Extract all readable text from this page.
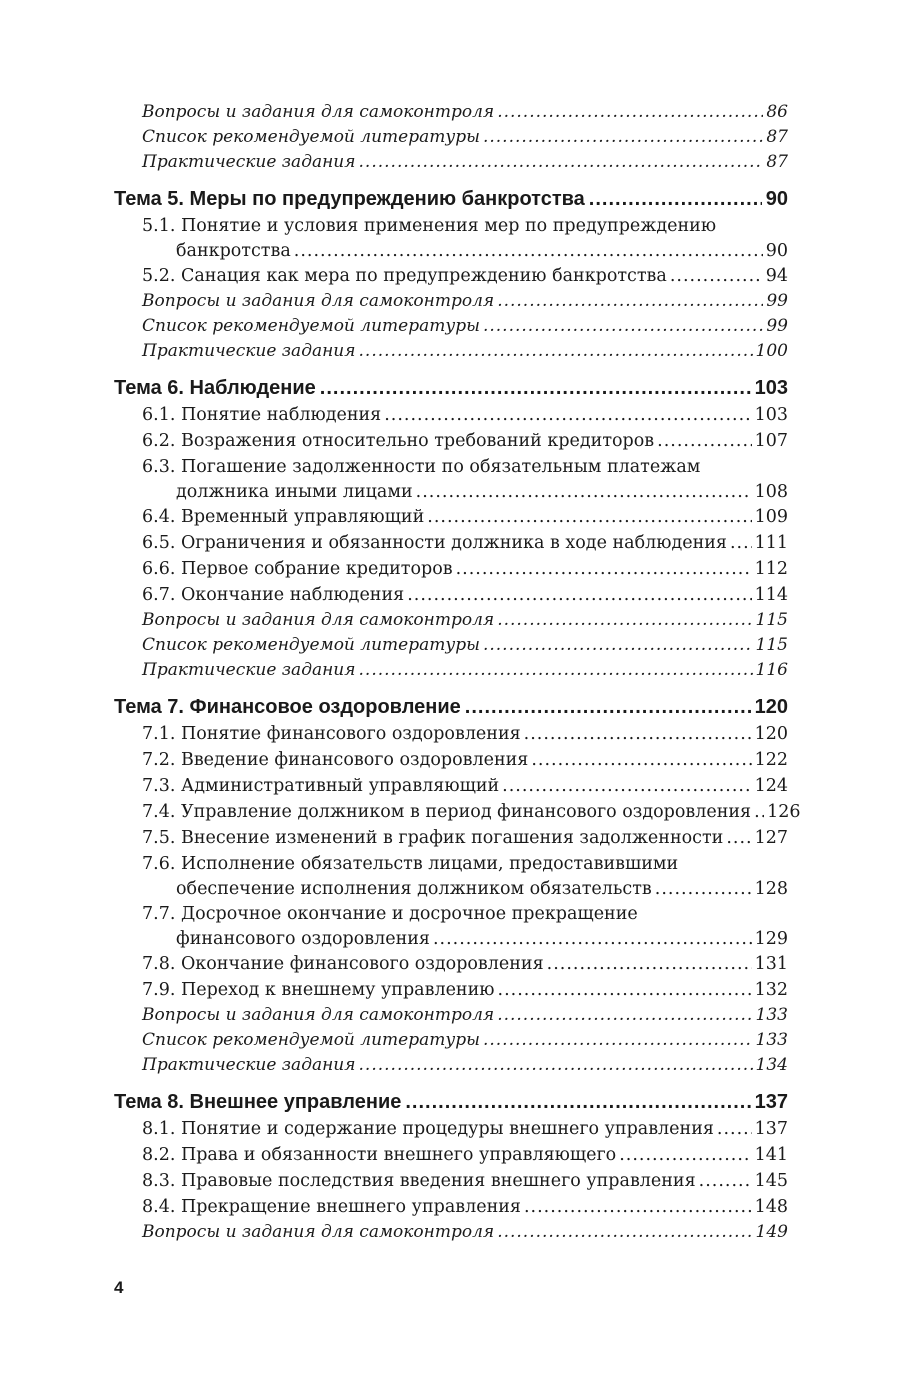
Вопросы и задания для самоконтроля .....	86
Список рекомендуемой литературы .....	87
Практические задания .....	87
Тема 5. Меры по предупреждению банкротства .....	90
5.1. Понятие и условия применения мер по предупреждению
банкротства .....	90
5.2. Санация как мера по предупреждению банкротства .....	94
Вопросы и задания для самоконтроля .....	99
Список рекомендуемой литературы .....	99
Практические задания .....	100
Тема 6. Наблюдение .....	103
6.1. Понятие наблюдения .....	103
6.2. Возражения относительно требований кредиторов .....	107
6.3. Погашение задолженности по обязательным платежам
должника иными лицами .....	108
6.4. Временный управляющий .....	109
6.5. Ограничения и обязанности должника в ходе наблюдения ..... 111
6.6. Первое собрание кредиторов .....	112
6.7. Окончание наблюдения .....	114
Вопросы и задания для самоконтроля .....	115
Список рекомендуемой литературы .....	115
Практические задания .....	116
Тема 7. Финансовое оздоровление .....	120
7.1. Понятие финансового оздоровления .....	120
7.2. Введение финансового оздоровления .....	122
7.3. Административный управляющий .....	124
7.4. Управление должником в период финансового оздоровления ..... 126
7.5. Внесение изменений в график погашения задолженности ..... 127
7.6. Исполнение обязательств лицами, предоставившими
обеспечение исполнения должником обязательств .....	128
7.7. Досрочное окончание и досрочное прекращение
финансового оздоровления .....	129
7.8. Окончание финансового оздоровления .....	131
7.9. Переход к внешнему управлению .....	132
Вопросы и задания для самоконтроля .....	133
Список рекомендуемой литературы .....	133
Практические задания .....	134
Тема 8. Внешнее управление .....	137
8.1. Понятие и содержание процедуры внешнего управления ..... 137
8.2. Права и обязанности внешнего управляющего .....	141
8.3. Правовые последствия введения внешнего управления .....	145
8.4. Прекращение внешнего управления .....	148
Вопросы и задания для самоконтроля .....	149
4
